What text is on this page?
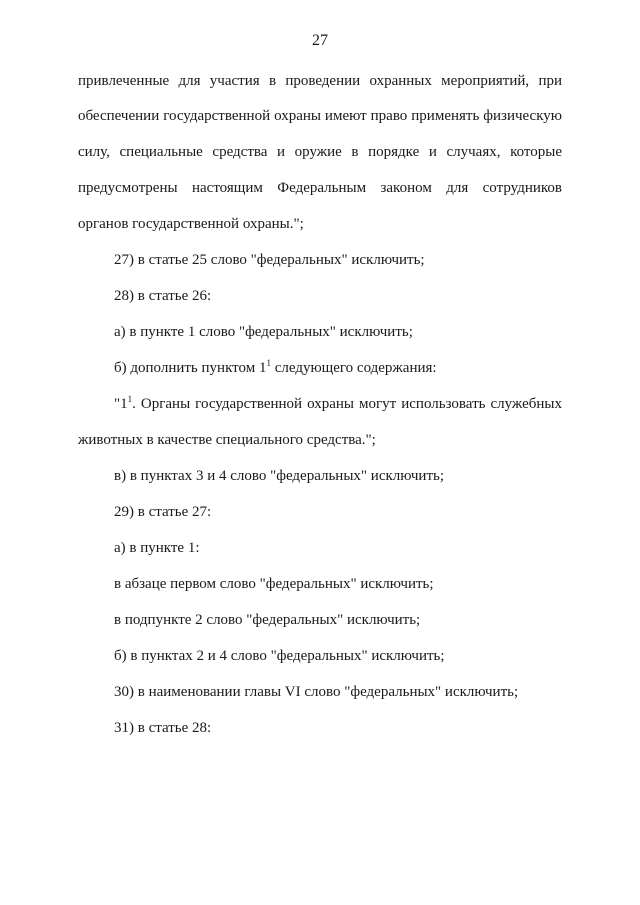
27
привлеченные для участия в проведении охранных мероприятий, при
обеспечении государственной охраны имеют право применять физическую
силу, специальные средства и оружие в порядке и случаях, которые
предусмотрены настоящим Федеральным законом для сотрудников
органов государственной охраны.";
27) в статье 25 слово "федеральных" исключить;
28) в статье 26:
а) в пункте 1 слово "федеральных" исключить;
б) дополнить пунктом $1^1$ следующего содержания:
"$1^1$. Органы государственной охраны могут использовать служебных
животных в качестве специального средства.";
в) в пунктах 3 и 4 слово "федеральных" исключить;
29) в статье 27:
а) в пункте 1:
в абзаце первом слово "федеральных" исключить;
в подпункте 2 слово "федеральных" исключить;
б) в пунктах 2 и 4 слово "федеральных" исключить;
30) в наименовании главы VI слово "федеральных" исключить;
31) в статье 28:
